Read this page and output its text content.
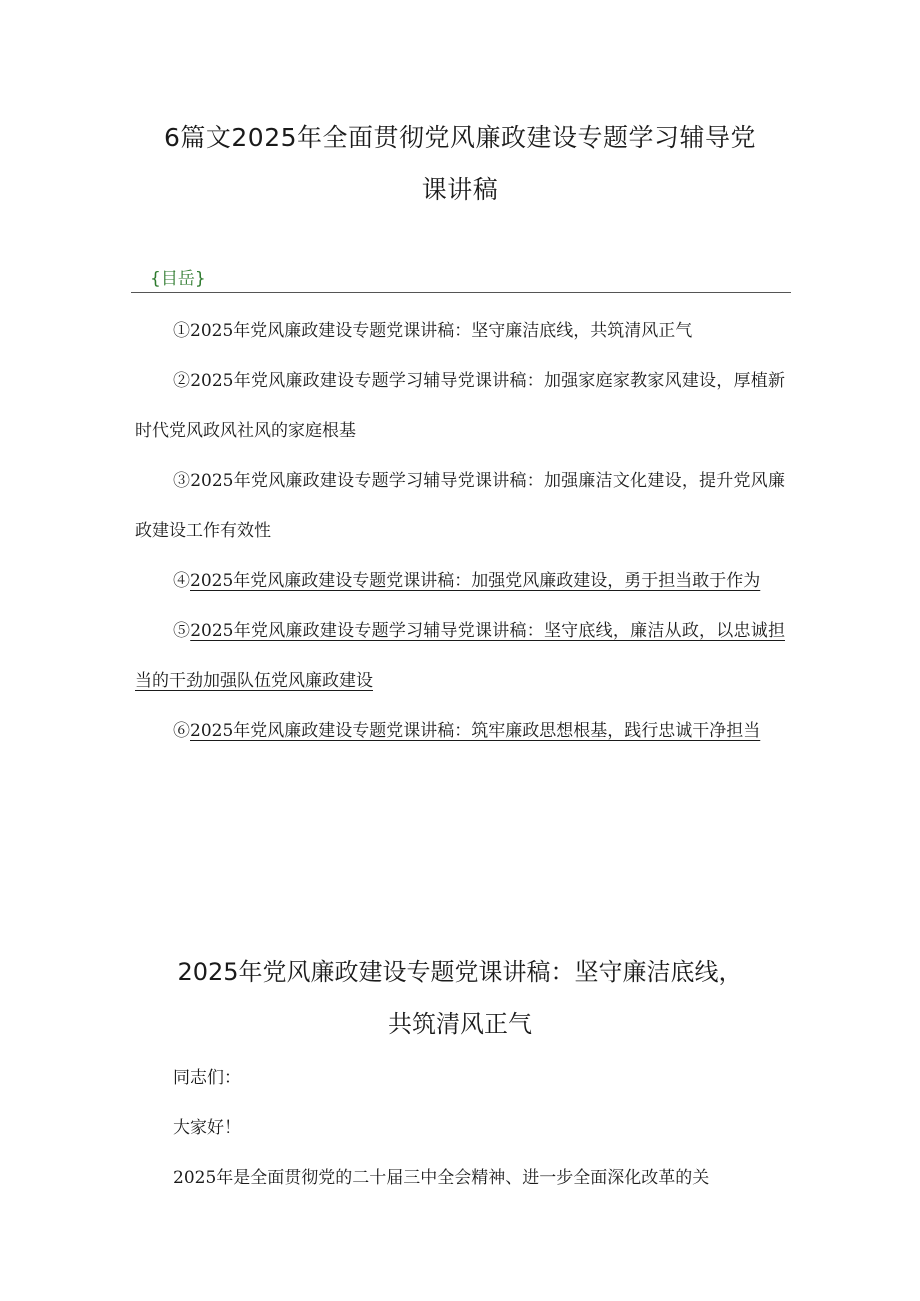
6篇文2025年全面贯彻党风廉政建设专题学习辅导党
课讲稿
{目岳}
①2025年党风廉政建设专题党课讲稿：坚守廉洁底线，共筑清风正气
②2025年党风廉政建设专题学习辅导党课讲稿：加强家庭家教家风建设，厚植新时代党风政风社风的家庭根基
③2025年党风廉政建设专题学习辅导党课讲稿：加强廉洁文化建设，提升党风廉政建设工作有效性
④2025年党风廉政建设专题党课讲稿：加强党风廉政建设，勇于担当敢于作为
⑤2025年党风廉政建设专题学习辅导党课讲稿：坚守底线，廉洁从政，以忠诚担当的干劲加强队伍党风廉政建设
⑥2025年党风廉政建设专题党课讲稿：筑牢廉政思想根基，践行忠诚干净担当
2025年党风廉政建设专题党课讲稿：坚守廉洁底线，
共筑清风正气

同志们：

大家好！

2025年是全面贯彻党的二十届三中全会精神、进一步全面深化改革的关
